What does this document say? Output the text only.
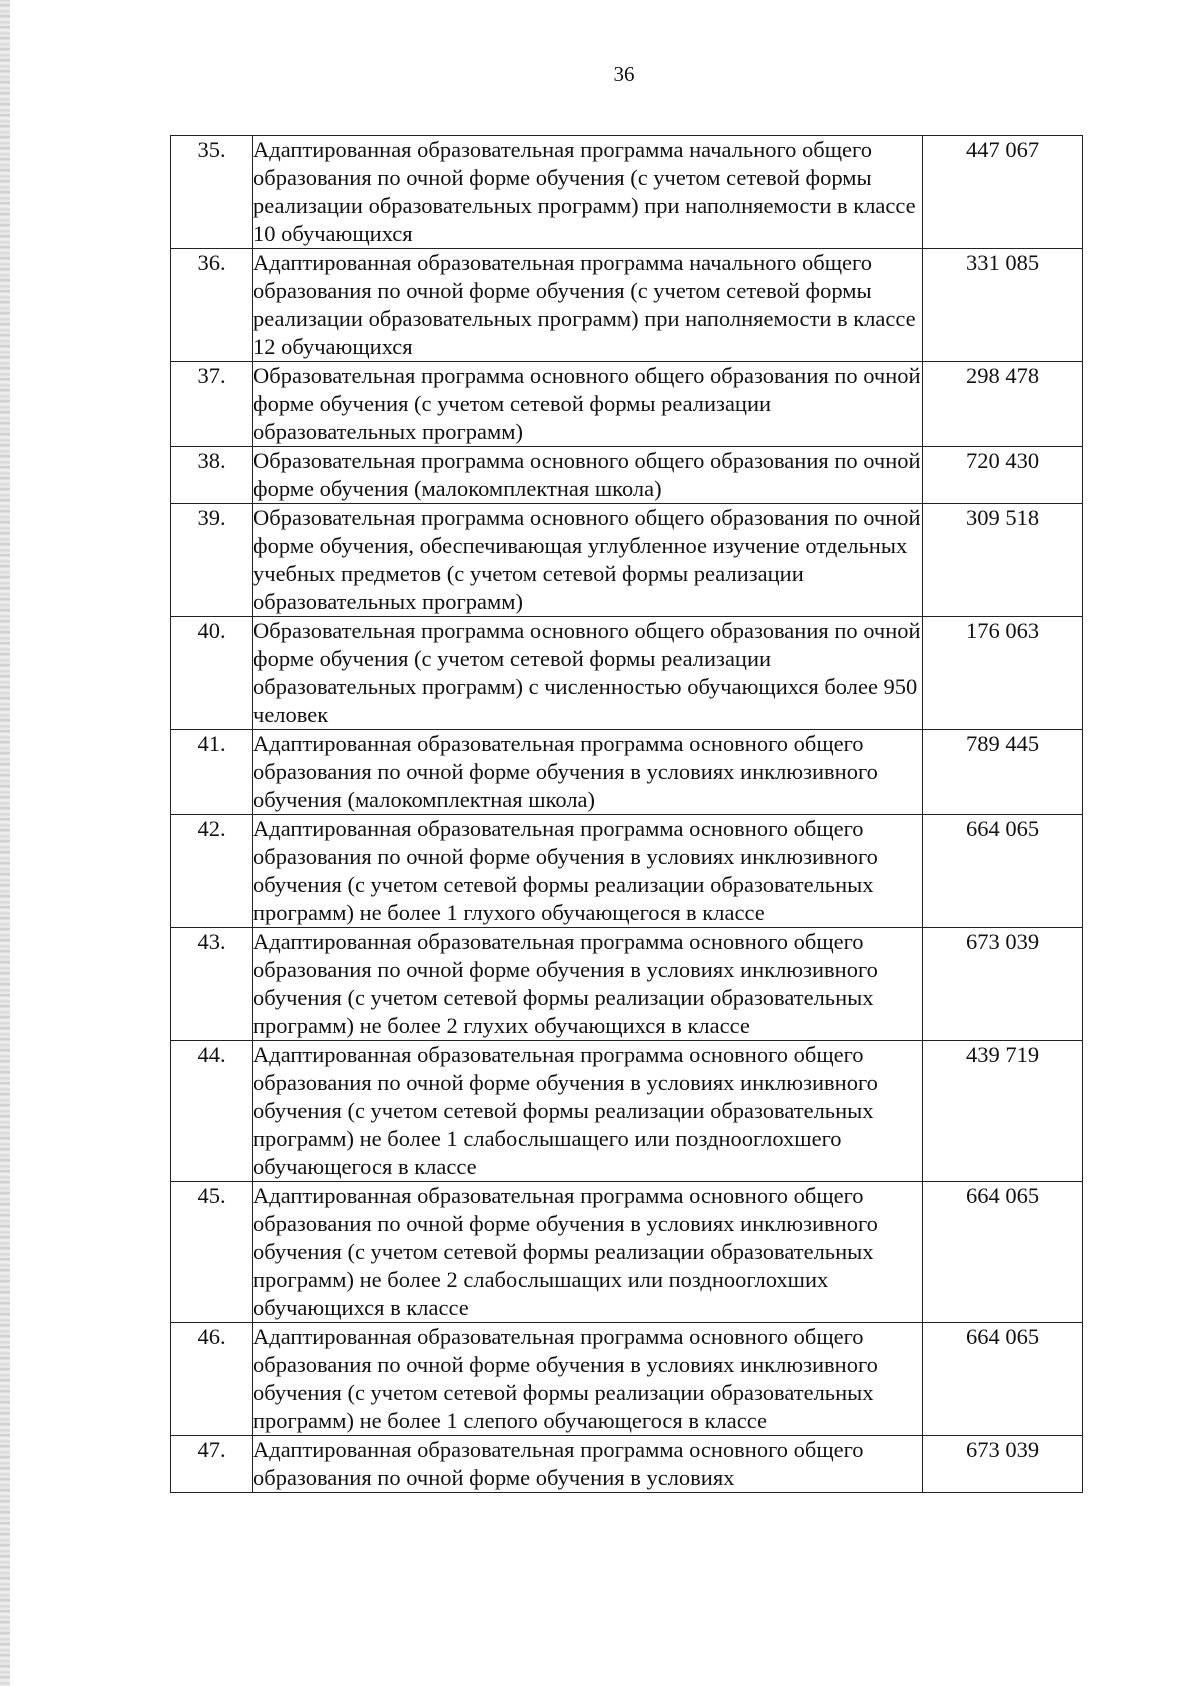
36
35.	Адаптированная образовательная программа начального общего образования по очной форме обучения (с учетом сетевой формы реализации образовательных программ) при наполняемости в классе 10 обучающихся	447 067
36.	Адаптированная образовательная программа начального общего образования по очной форме обучения (с учетом сетевой формы реализации образовательных программ) при наполняемости в классе 12 обучающихся	331 085
37.	Образовательная программа основного общего образования по очной форме обучения (с учетом сетевой формы реализации образовательных программ)	298 478
38.	Образовательная программа основного общего образования по очной форме обучения (малокомплектная школа)	720 430
39.	Образовательная программа основного общего образования по очной форме обучения, обеспечивающая углубленное изучение отдельных учебных предметов (с учетом сетевой формы реализации образовательных программ)	309 518
40.	Образовательная программа основного общего образования по очной форме обучения (с учетом сетевой формы реализации образовательных программ) с численностью обучающихся более 950 человек	176 063
41.	Адаптированная образовательная программа основного общего образования по очной форме обучения в условиях инклюзивного обучения (малокомплектная школа)	789 445
42.	Адаптированная образовательная программа основного общего образования по очной форме обучения в условиях инклюзивного обучения (с учетом сетевой формы реализации образовательных программ) не более 1 глухого обучающегося в классе	664 065
43.	Адаптированная образовательная программа основного общего образования по очной форме обучения в условиях инклюзивного обучения (с учетом сетевой формы реализации образовательных программ) не более 2 глухих обучающихся в классе	673 039
44.	Адаптированная образовательная программа основного общего образования по очной форме обучения в условиях инклюзивного обучения (с учетом сетевой формы реализации образовательных программ) не более 1 слабослышащего или позднооглохшего обучающегося в классе	439 719
45.	Адаптированная образовательная программа основного общего образования по очной форме обучения в условиях инклюзивного обучения (с учетом сетевой формы реализации образовательных программ) не более 2 слабослышащих или позднооглохших обучающихся в классе	664 065
46.	Адаптированная образовательная программа основного общего образования по очной форме обучения в условиях инклюзивного обучения (с учетом сетевой формы реализации образовательных программ) не более 1 слепого обучающегося в классе	664 065
47.	Адаптированная образовательная программа основного общего образования по очной форме обучения в условиях	673 039
